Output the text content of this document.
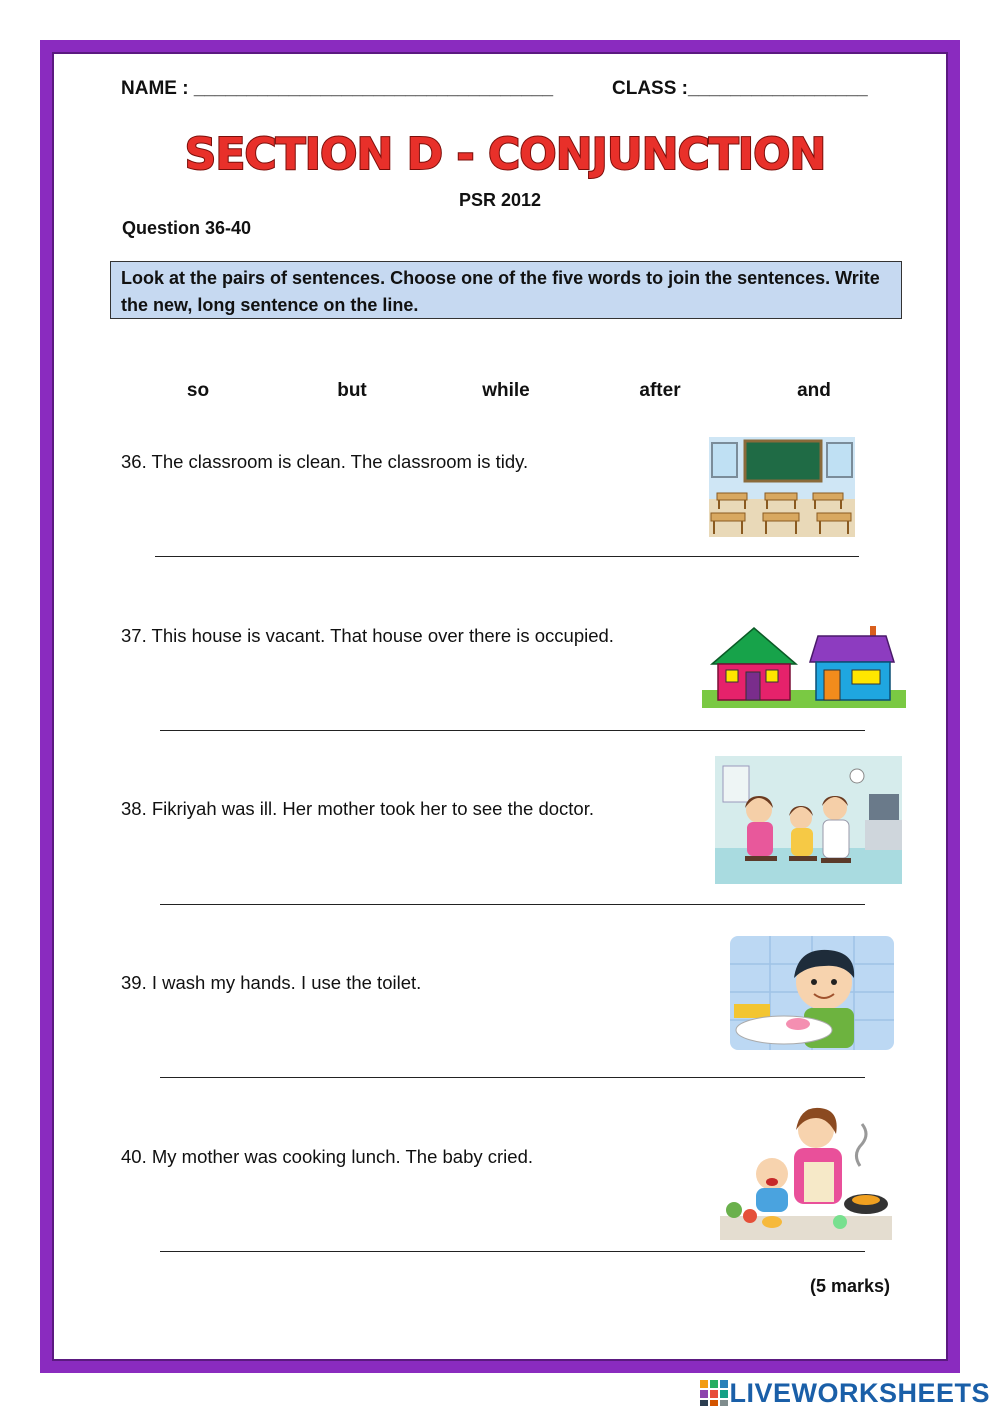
NAME : __________________________________	CLASS :_________________
SECTION D - CONJUNCTION
PSR 2012
Question 36-40
Look at the pairs of sentences. Choose one of the five words to join the sentences. Write the new, long sentence on the line.
so	but	while	after	and
36. The classroom is clean. The classroom is tidy.
37. This house is vacant. That house over there is occupied.
38. Fikriyah was ill. Her mother took her to see the doctor.
39. I wash my hands. I use the toilet.
40. My mother was cooking lunch. The baby cried.
(5 marks)
LIVEWORKSHEETS
